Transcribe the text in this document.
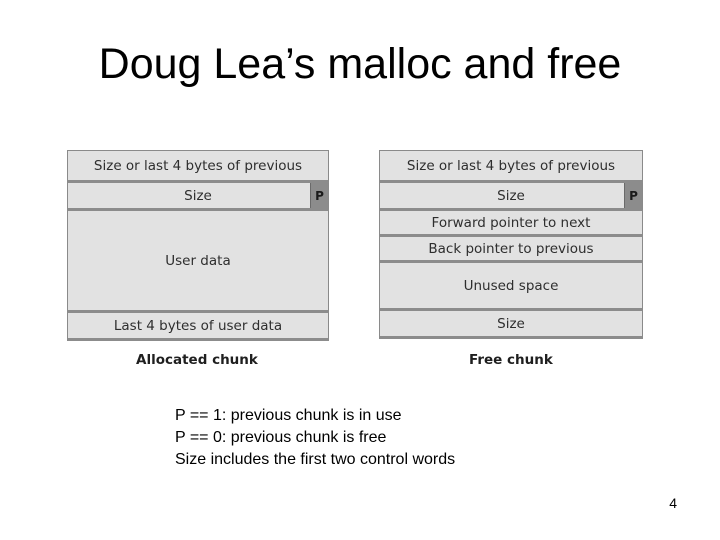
Doug Lea’s malloc and free
Size or last 4 bytes of previous
Size	P
User data
Last 4 bytes of user data
Size or last 4 bytes of previous
Size	P
Forward pointer to next
Back pointer to previous
Unused space
Size
Allocated chunk	Free chunk
P == 1: previous chunk is in use
P == 0: previous chunk is free
Size includes the first two control words
4
